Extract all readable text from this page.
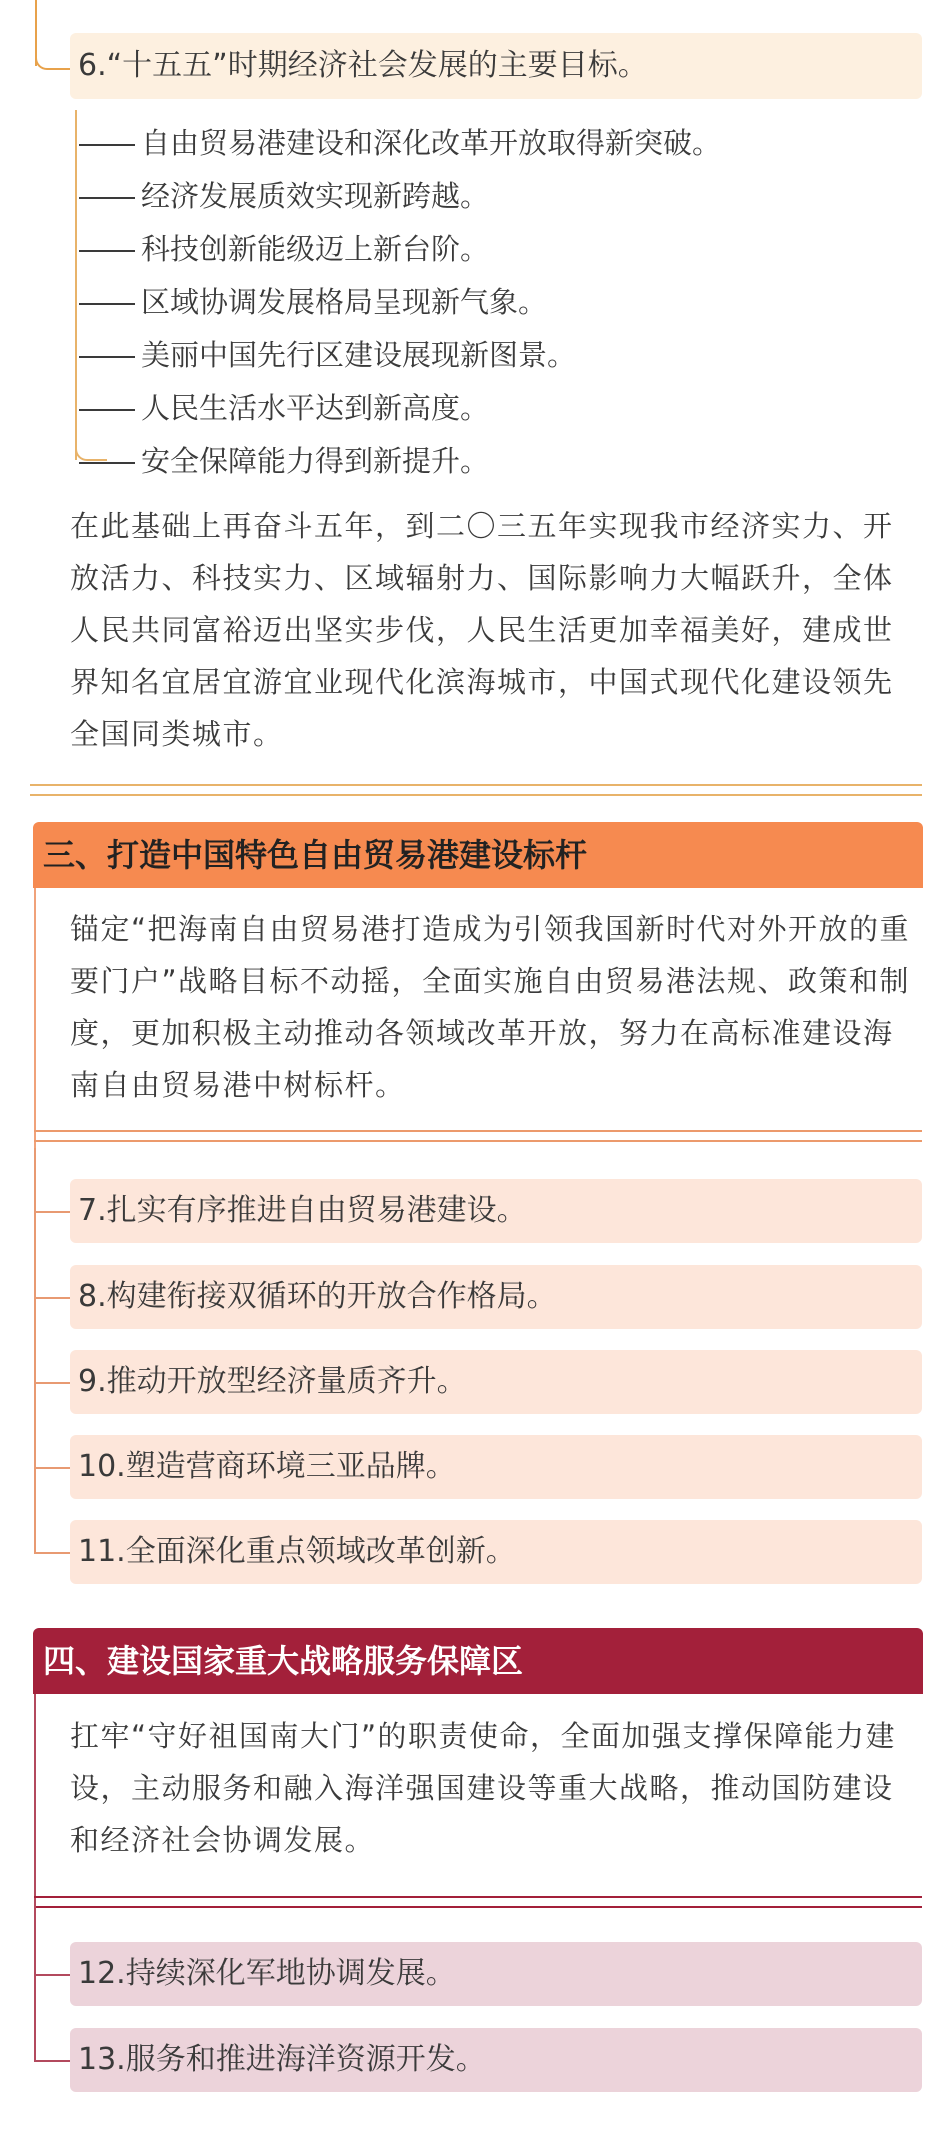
6.“十五五”时期经济社会发展的主要目标。
自由贸易港建设和深化改革开放取得新突破。
经济发展质效实现新跨越。
科技创新能级迈上新台阶。
区域协调发展格局呈现新气象。
美丽中国先行区建设展现新图景。
人民生活水平达到新高度。
安全保障能力得到新提升。
在此基础上再奋斗五年，到二〇三五年实现我市经济实力、开放活力、科技实力、区域辐射力、国际影响力大幅跃升，全体人民共同富裕迈出坚实步伐，人民生活更加幸福美好，建成世界知名宜居宜游宜业现代化滨海城市，中国式现代化建设领先全国同类城市。
三、打造中国特色自由贸易港建设标杆
锚定“把海南自由贸易港打造成为引领我国新时代对外开放的重要门户”战略目标不动摇，全面实施自由贸易港法规、政策和制度，更加积极主动推动各领域改革开放，努力在高标准建设海南自由贸易港中树标杆。
7.扎实有序推进自由贸易港建设。
8.构建衔接双循环的开放合作格局。
9.推动开放型经济量质齐升。
10.塑造营商环境三亚品牌。
11.全面深化重点领域改革创新。
四、建设国家重大战略服务保障区
扛牢“守好祖国南大门”的职责使命，全面加强支撑保障能力建设，主动服务和融入海洋强国建设等重大战略，推动国防建设和经济社会协调发展。
12.持续深化军地协调发展。
13.服务和推进海洋资源开发。
